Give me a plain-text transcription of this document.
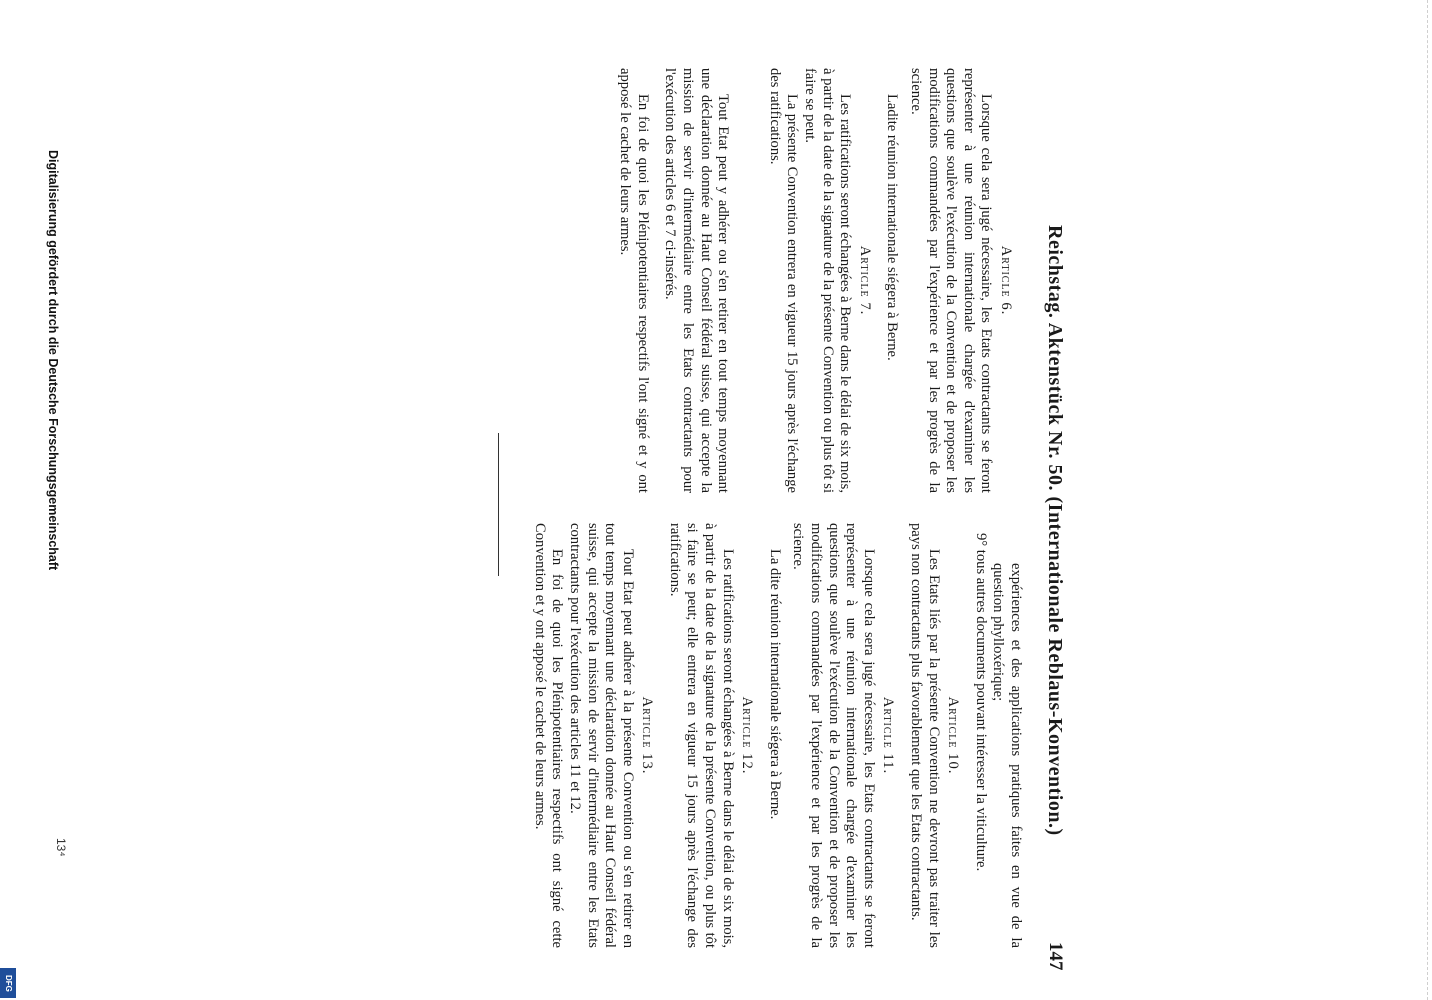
Reichstag. Aktenstück Nr. 50. (Internationale Reblaus-Konvention.)
147
Article 6.

Lorsque cela sera jugé nécessaire, les Etats contractants se feront représenter à une réunion internationale chargée d'examiner les questions que soulève l'exécution de la Convention et de proposer les modifications commandées par l'expérience et par les progrès de la science.

Ladite réunion internationale siégera à Berne.

Article 7.

Les ratifications seront échangées à Berne dans le délai de six mois, à partir de la date de la signature de la présente Convention ou plus tôt si faire se peut.

La présente Convention entrera en vigueur 15 jours après l'échange des ratifications.

Tout Etat peut y adhérer ou s'en retirer en tout temps moyennant une déclaration donnée au Haut Conseil fédéral suisse, qui accepte la mission de servir d'intermédiaire entre les Etats contractants pour l'exécution des articles 6 et 7 ci-insérés.

En foi de quoi les Plénipotentiaires respectifs l'ont signé et y ont apposé le cachet de leurs armes.

expériences et des applications pratiques faites en vue de la question phylloxérique;

9° tous autres documents pouvant intéresser la viticulture.

Article 10.

Les Etats liés par la présente Convention ne devront pas traiter les pays non contractants plus favorablement que les Etats contractants.

Article 11.

Lorsque cela sera jugé nécessaire, les Etats contractants se feront représenter à une réunion internationale chargée d'examiner les questions que soulève l'exécution de la Convention et de proposer les modifications commandées par l'expérience et par les progrès de la science.

La dite réunion internationale siégera à Berne.

Article 12.

Les ratifications seront échangées à Berne dans le délai de six mois, à partir de la date de la signature de la présente Convention, ou plus tôt si faire se peut; elle entrera en vigueur 15 jours après l'échange des ratifications.

Article 13.

Tout Etat peut adhérer à la présente Convention ou s'en retirer en tout temps moyennant une déclaration donnée au Haut Conseil fédéral suisse, qui accepte la mission de servir d'intermédiaire entre les Etats contractants pour l'exécution des articles 11 et 12.

En foi de quoi les Plénipotentiaires respectifs ont signé cette Convention et y ont apposé le cachet de leurs armes.

13⁴
Digitalisierung gefördert durch die Deutsche Forschungsgemeinschaft
DFG
